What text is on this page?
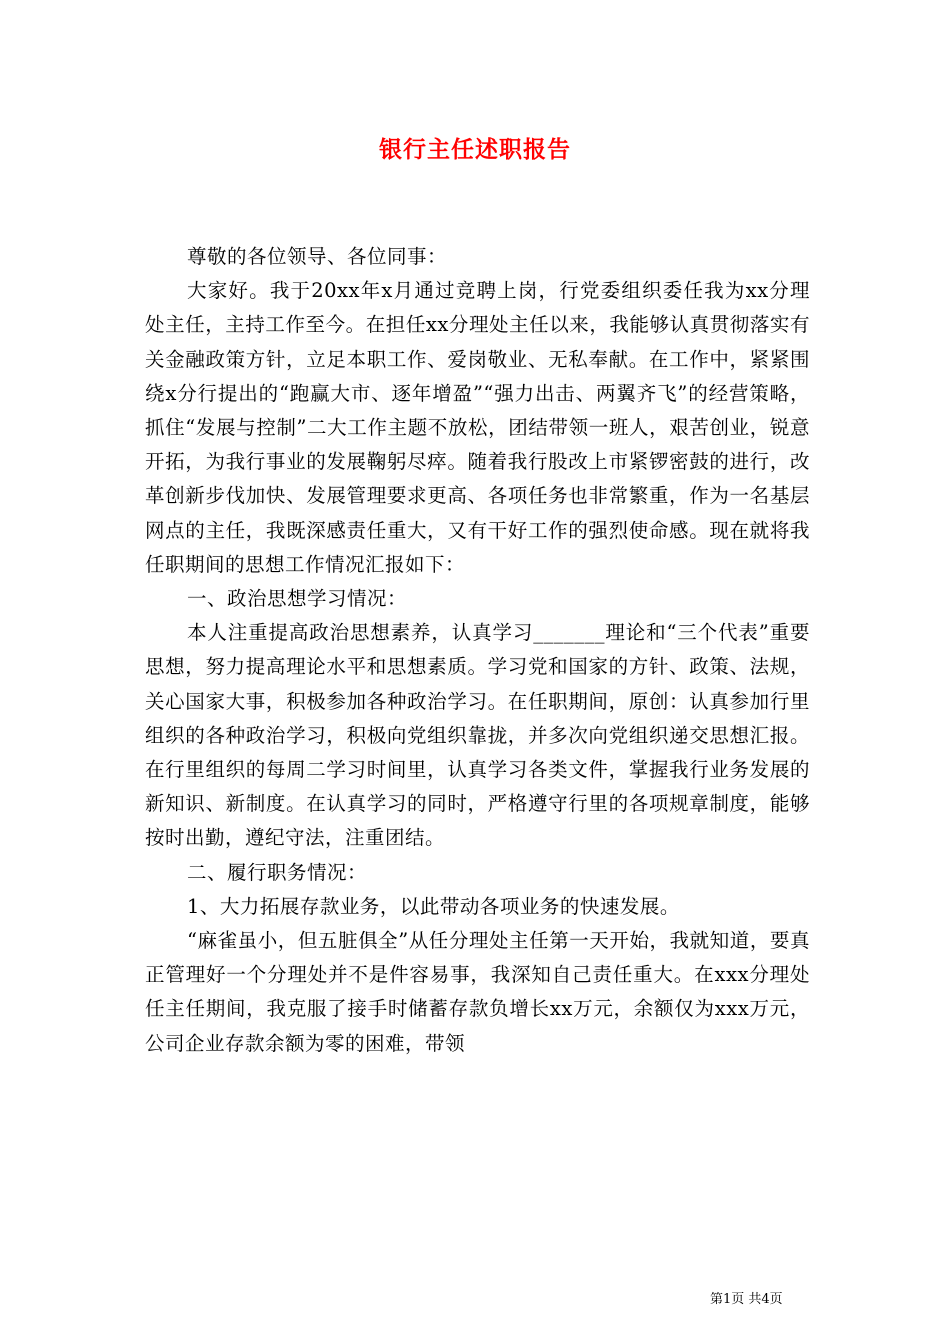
银行主任述职报告

尊敬的各位领导、各位同事：

大家好。我于20xx年x月通过竞聘上岗，行党委组织委任我为xx分理处主任，主持工作至今。在担任xx分理处主任以来，我能够认真贯彻落实有关金融政策方针，立足本职工作、爱岗敬业、无私奉献。在工作中，紧紧围绕x分行提出的“跑赢大市、逐年增盈”“强力出击、两翼齐飞”的经营策略，抓住“发展与控制”二大工作主题不放松，团结带领一班人，艰苦创业，锐意开拓，为我行事业的发展鞠躬尽瘁。随着我行股改上市紧锣密鼓的进行，改革创新步伐加快、发展管理要求更高、各项任务也非常繁重，作为一名基层网点的主任，我既深感责任重大，又有干好工作的强烈使命感。现在就将我任职期间的思想工作情况汇报如下：

一、政治思想学习情况：

本人注重提高政治思想素养，认真学习_______理论和“三个代表”重要思想，努力提高理论水平和思想素质。学习党和国家的方针、政策、法规，关心国家大事，积极参加各种政治学习。在任职期间，原创：认真参加行里组织的各种政治学习，积极向党组织靠拢，并多次向党组织递交思想汇报。在行里组织的每周二学习时间里，认真学习各类文件，掌握我行业务发展的新知识、新制度。在认真学习的同时，严格遵守行里的各项规章制度，能够按时出勤，遵纪守法，注重团结。

二、履行职务情况：

1、大力拓展存款业务，以此带动各项业务的快速发展。

“麻雀虽小，但五脏俱全”从任分理处主任第一天开始，我就知道，要真正管理好一个分理处并不是件容易事，我深知自己责任重大。在xxx分理处任主任期间，我克服了接手时储蓄存款负增长xx万元，余额仅为xxx万元，公司企业存款余额为零的困难，带领

第1页 共4页
